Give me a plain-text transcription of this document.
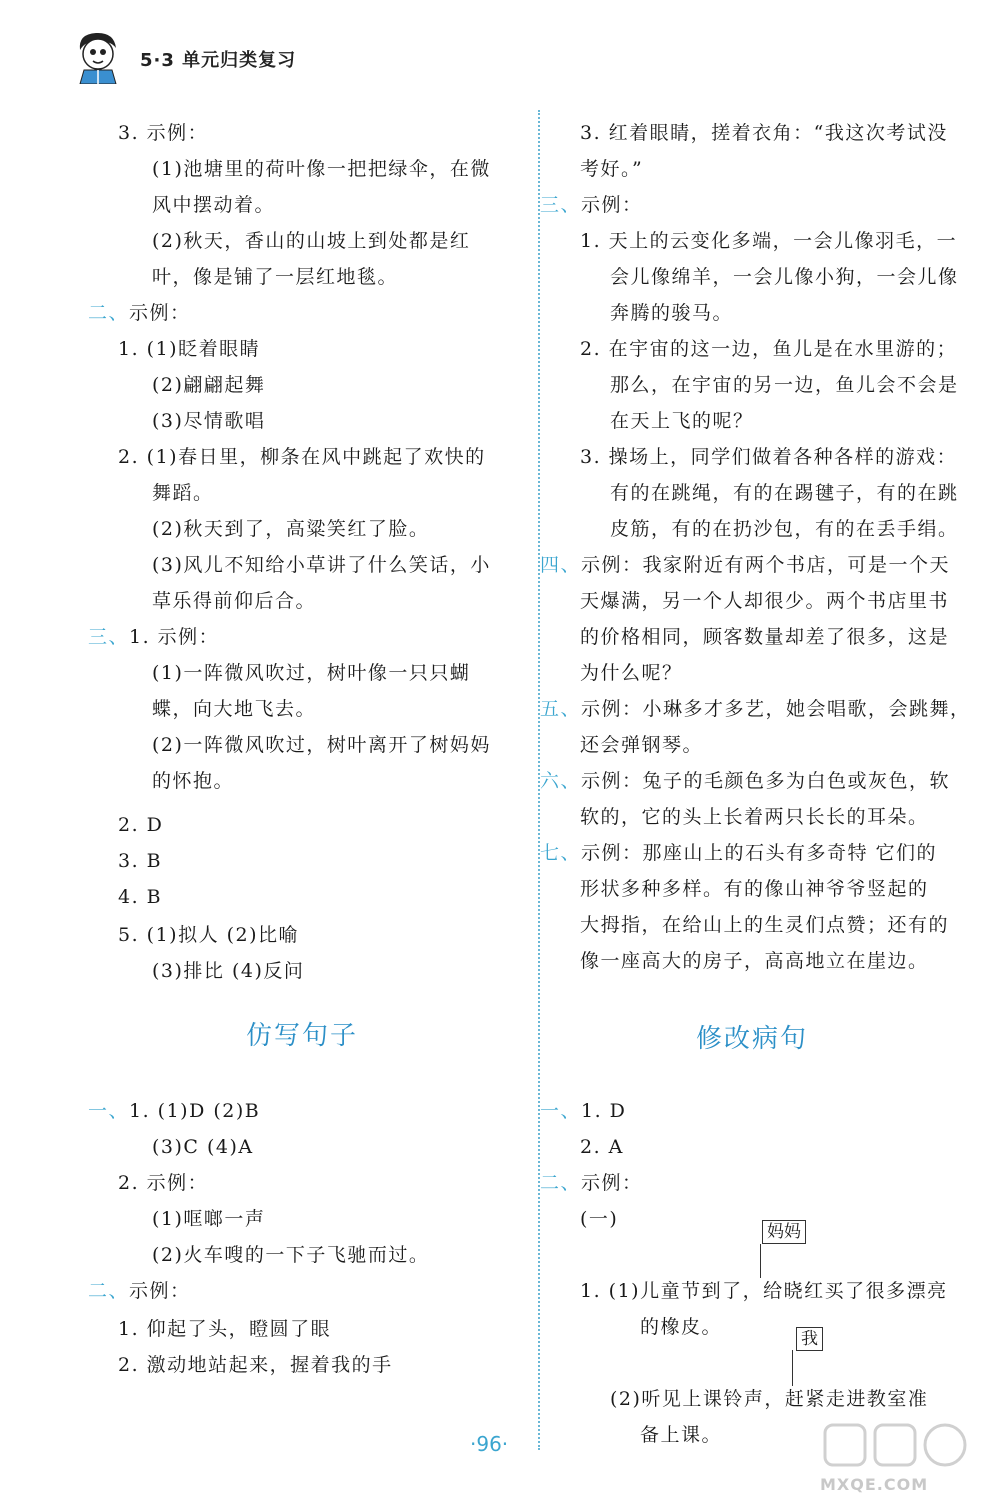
5·3 单元归类复习
仿写句子
3. 示例：
(1)池塘里的荷叶像一把把绿伞，在微
风中摆动着。
(2)秋天，香山的山坡上到处都是红
叶，像是铺了一层红地毯。
二、示例：
1. (1)眨着眼睛
(2)翩翩起舞
(3)尽情歌唱
2. (1)春日里，柳条在风中跳起了欢快的
舞蹈。
(2)秋天到了，高粱笑红了脸。
(3)风儿不知给小草讲了什么笑话，小
草乐得前仰后合。
三、1. 示例：
(1)一阵微风吹过，树叶像一只只蝴
蝶，向大地飞去。
(2)一阵微风吹过，树叶离开了树妈妈
的怀抱。
2. D
3. B
4. B
5. (1)拟人 (2)比喻
(3)排比 (4)反问
一、1. (1)D (2)B
(3)C (4)A
2. 示例：
(1)哐啷一声
(2)火车嗖的一下子飞驰而过。
二、示例：
1. 仰起了头，瞪圆了眼
2. 激动地站起来，握着我的手
修改病句
妈妈
我
3. 红着眼睛，搓着衣角：“我这次考试没
考好。”
三、示例：
1. 天上的云变化多端，一会儿像羽毛，一
会儿像绵羊，一会儿像小狗，一会儿像
奔腾的骏马。
2. 在宇宙的这一边，鱼儿是在水里游的；
那么，在宇宙的另一边，鱼儿会不会是
在天上飞的呢？
3. 操场上，同学们做着各种各样的游戏：
有的在跳绳，有的在踢毽子，有的在跳
皮筋，有的在扔沙包，有的在丢手绢。
四、示例：我家附近有两个书店，可是一个天
天爆满，另一个人却很少。两个书店里书
的价格相同，顾客数量却差了很多，这是
为什么呢？
五、示例：小琳多才多艺，她会唱歌，会跳舞，
还会弹钢琴。
六、示例：兔子的毛颜色多为白色或灰色，软
软的，它的头上长着两只长长的耳朵。
七、示例：那座山上的石头有多奇特 它们的
形状多种多样。有的像山神爷爷竖起的
大拇指，在给山上的生灵们点赞；还有的
像一座高大的房子，高高地立在崖边。
一、1. D
2. A
二、示例：
(一)
1. (1)儿童节到了，给晓红买了很多漂亮
的橡皮。
(2)听见上课铃声，赶紧走进教室准
备上课。
·96·
MXQE.COM
